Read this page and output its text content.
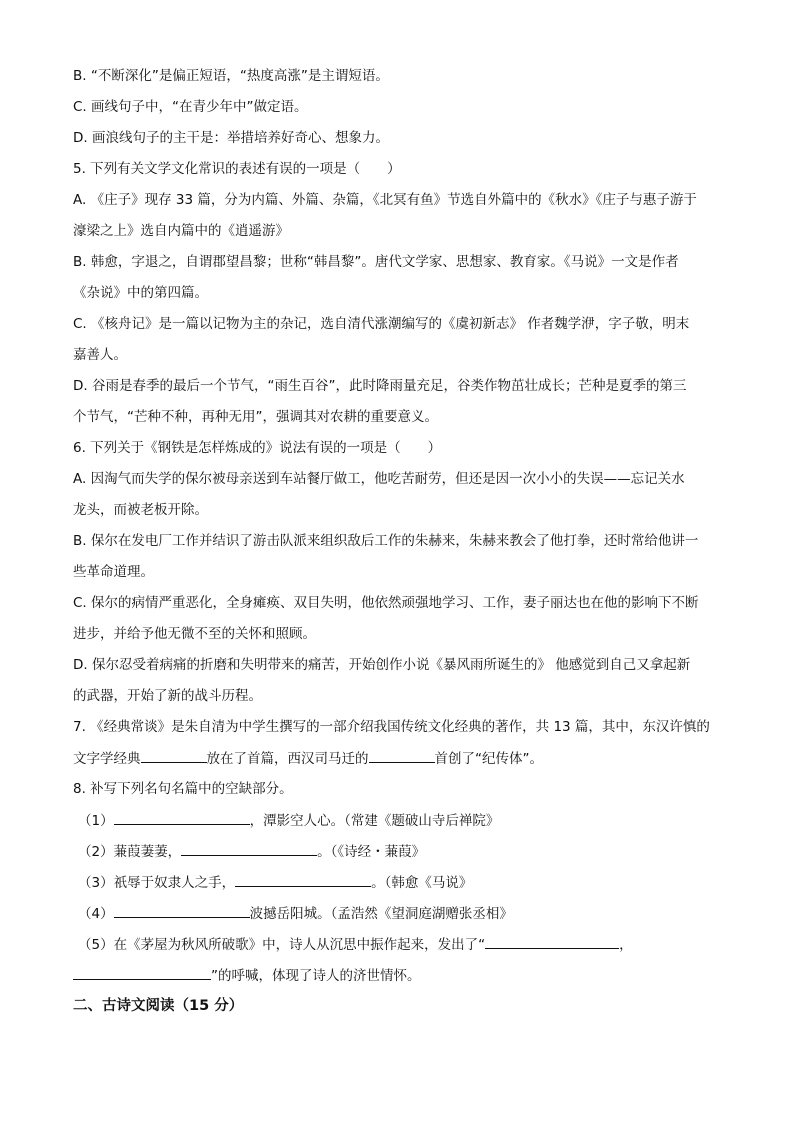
B. “不断深化”是偏正短语，“热度高涨”是主谓短语。
C. 画线句子中，“在青少年中”做定语。
D. 画浪线句子的主干是：举措培养好奇心、想象力。
5. 下列有关文学文化常识的表述有误的一项是（　　）
A. 《庄子》现存 33 篇，分为内篇、外篇、杂篇，《北冥有鱼》节选自外篇中的《秋水》《庄子与惠子游于
濠梁之上》选自内篇中的《逍遥游》
B. 韩愈，字退之，自谓郡望昌黎；世称“韩昌黎”。唐代文学家、思想家、教育家。《马说》一文是作者
《杂说》中的第四篇。
C. 《核舟记》是一篇以记物为主的杂记，选自清代涨潮编写的《虞初新志》 作者魏学洢，字子敬，明末
嘉善人。
D. 谷雨是春季的最后一个节气，“雨生百谷”，此时降雨量充足，谷类作物茁壮成长；芒种是夏季的第三
个节气，“芒种不种，再种无用”，强调其对农耕的重要意义。
6. 下列关于《钢铁是怎样炼成的》说法有误的一项是（　　）
A. 因淘气而失学的保尔被母亲送到车站餐厅做工，他吃苦耐劳，但还是因一次小小的失误——忘记关水
龙头，而被老板开除。
B. 保尔在发电厂工作并结识了游击队派来组织敌后工作的朱赫来，朱赫来教会了他打拳，还时常给他讲一
些革命道理。
C. 保尔的病情严重恶化，全身瘫痪、双目失明，他依然顽强地学习、工作，妻子丽达也在他的影响下不断
进步，并给予他无微不至的关怀和照顾。
D. 保尔忍受着病痛的折磨和失明带来的痛苦，开始创作小说《暴风雨所诞生的》 他感觉到自己又拿起新
的武器，开始了新的战斗历程。
7. 《经典常谈》是朱自清为中学生撰写的一部介绍我国传统文化经典的著作，共 13 篇，其中，东汉许慎的
文字学经典	放在了首篇，西汉司马迁的	首创了“纪传体”。
8. 补写下列名句名篇中的空缺部分。
（1）	，潭影空人心。（常建《题破山寺后禅院》
（2）蒹葭萋萋，	。（《诗经・蒹葭》
（3）祇辱于奴隶人之手，	。（韩愈《马说》
（4）	波撼岳阳城。（孟浩然《望洞庭湖赠张丞相》
（5）在《茅屋为秋风所破歌》中，诗人从沉思中振作起来，发出了“	，
”的呼喊，体现了诗人的济世情怀。
二、古诗文阅读（15 分）
